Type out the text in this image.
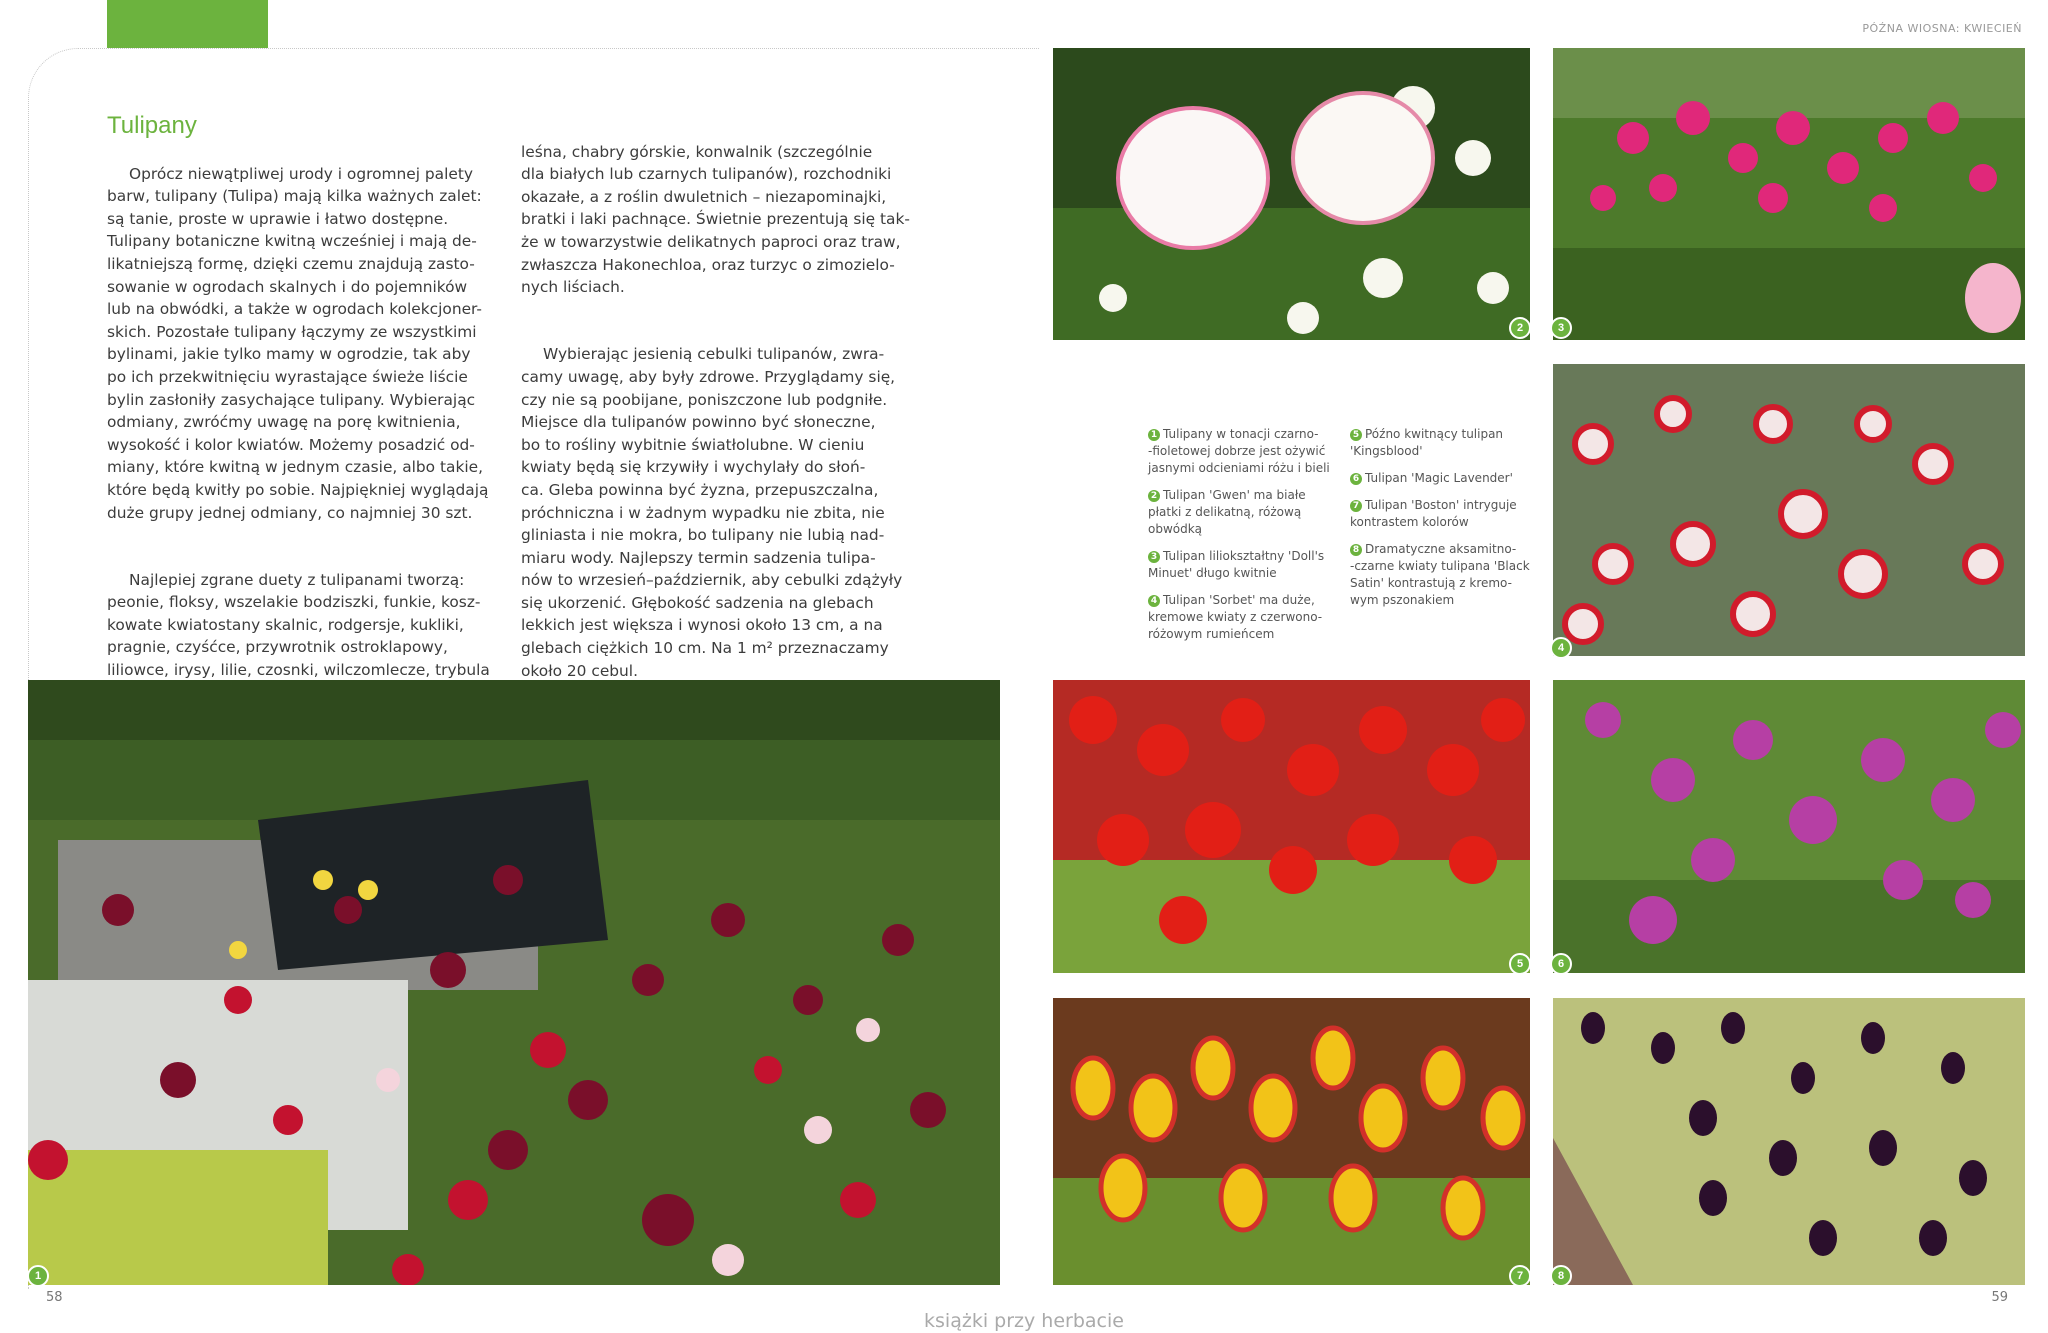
PÓŹNA WIOSNA: KWIECIEŃ
Tulipany

Oprócz niewątpliwej urody i ogromnej palety
barw, tulipany (Tulipa) mają kilka ważnych zalet:
są tanie, proste w uprawie i łatwo dostępne.
Tulipany botaniczne kwitną wcześniej i mają de-
likatniejszą formę, dzięki czemu znajdują zasto-
sowanie w ogrodach skalnych i do pojemników
lub na obwódki, a także w ogrodach kolekcjoner-
skich. Pozostałe tulipany łączymy ze wszystkimi
bylinami, jakie tylko mamy w ogrodzie, tak aby
po ich przekwitnięciu wyrastające świeże liście
bylin zasłoniły zasychające tulipany. Wybierając
odmiany, zwróćmy uwagę na porę kwitnienia,
wysokość i kolor kwiatów. Możemy posadzić od-
miany, które kwitną w jednym czasie, albo takie,
które będą kwitły po sobie. Najpiękniej wyglądają
duże grupy jednej odmiany, co najmniej 30 szt.

Najlepiej zgrane duety z tulipanami tworzą:
peonie, floksy, wszelakie bodziszki, funkie, kosz-
kowate kwiatostany skalnic, rodgersje, kukliki,
pragnie, czyśćce, przywrotnik ostroklapowy,
liliowce, irysy, lilie, czosnki, wilczomlecze, trybula

leśna, chabry górskie, konwalnik (szczególnie
dla białych lub czarnych tulipanów), rozchodniki
okazałe, a z roślin dwuletnich – niezapominajki,
bratki i laki pachnące. Świetnie prezentują się tak-
że w towarzystwie delikatnych paproci oraz traw,
zwłaszcza Hakonechloa, oraz turzyc o zimozielo-
nych liściach.

Wybierając jesienią cebulki tulipanów, zwra-
camy uwagę, aby były zdrowe. Przyglądamy się,
czy nie są poobijane, poniszczone lub podgniłe.
Miejsce dla tulipanów powinno być słoneczne,
bo to rośliny wybitnie światłolubne. W cieniu
kwiaty będą się krzywiły i wychylały do słoń-
ca. Gleba powinna być żyzna, przepuszczalna,
próchniczna i w żadnym wypadku nie zbita, nie
gliniasta i nie mokra, bo tulipany nie lubią nad-
miaru wody. Najlepszy termin sadzenia tulipa-
nów to wrzesień–październik, aby cebulki zdążyły
się ukorzenić. Głębokość sadzenia na glebach
lekkich jest większa i wynosi około 13 cm, a na
glebach ciężkich 10 cm. Na 1 m² przeznaczamy
około 20 cebul.

1 Tulipany w tonacji czarno-
-fioletowej dobrze jest ożywić
jasnymi odcieniami różu i bieli
2 Tulipan 'Gwen' ma białe
płatki z delikatną, różową
obwódką
3 Tulipan liliokształtny 'Doll's
Minuet' długo kwitnie
4 Tulipan 'Sorbet' ma duże,
kremowe kwiaty z czerwono-
różowym rumieńcem
5 Późno kwitnący tulipan
'Kingsblood'
6 Tulipan 'Magic Lavender'
7 Tulipan 'Boston' intryguje
kontrastem kolorów
8 Dramatyczne aksamitno-
-czarne kwiaty tulipana 'Black
Satin' kontrastują z kremo-
wym pszonakiem
1
2	3
4
5	6
7	8
58	59
książki przy herbacie
